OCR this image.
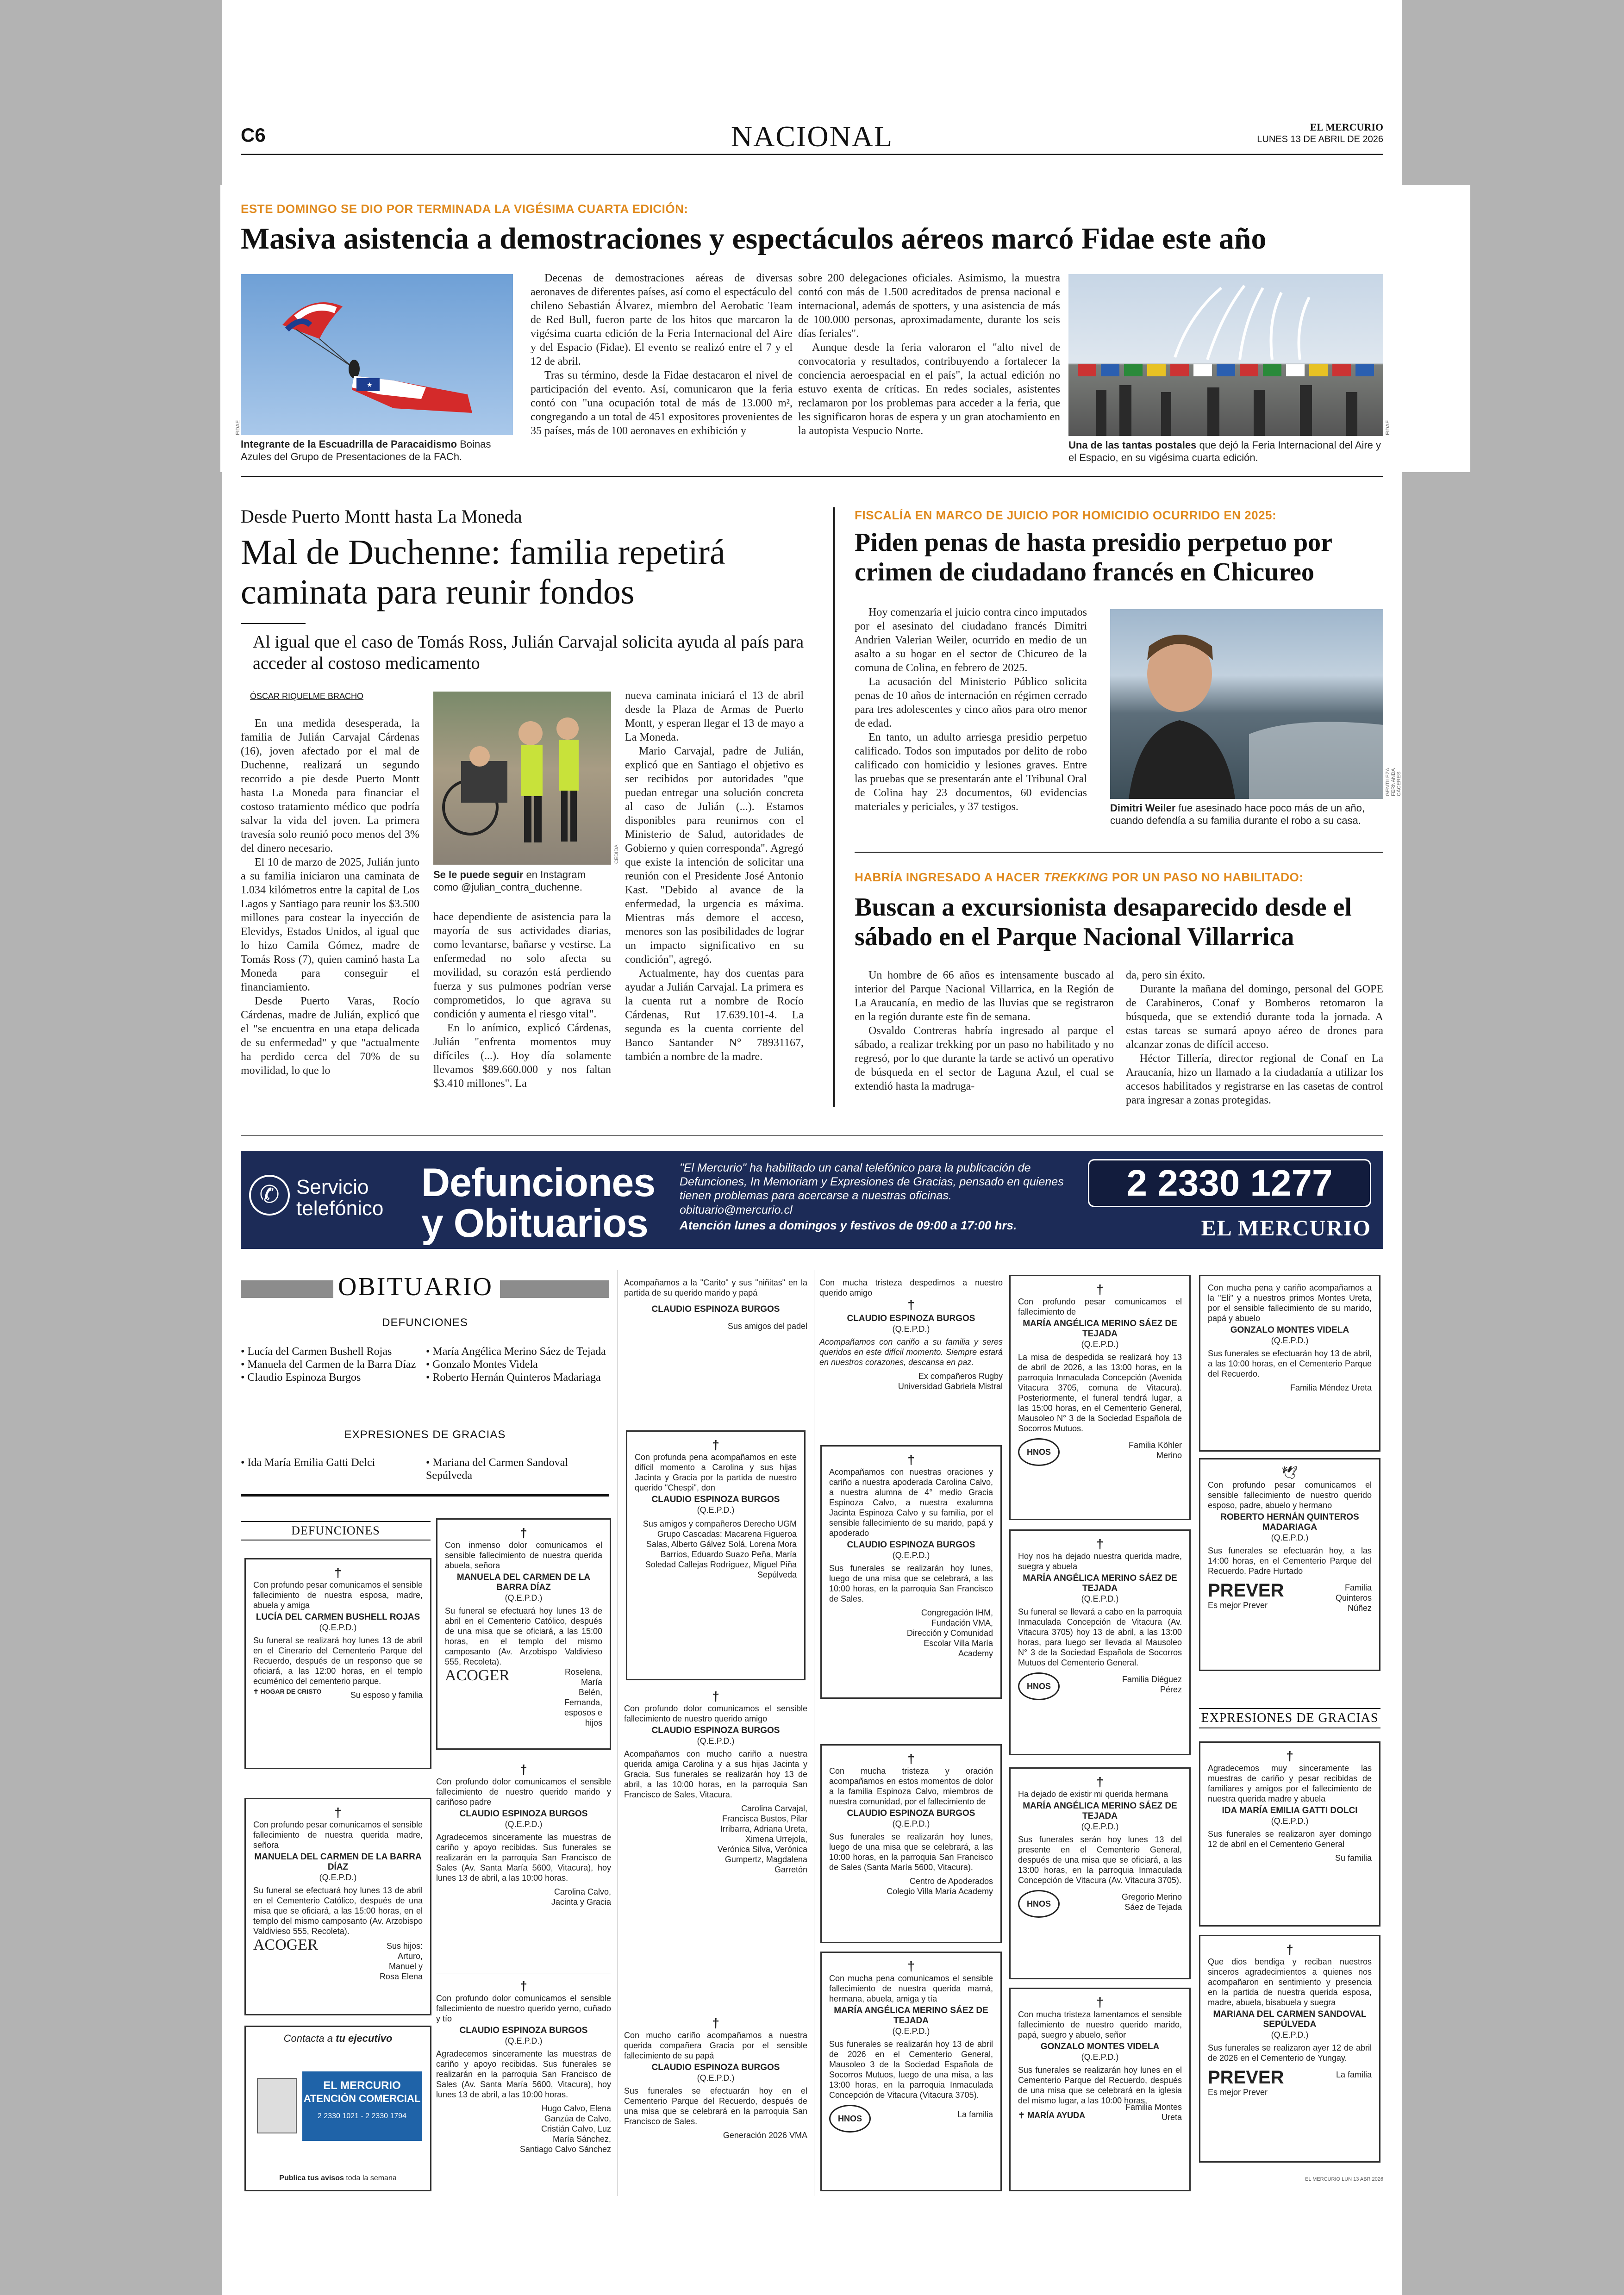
C6	NACIONAL	EL MERCURIO
LUNES 13 DE ABRIL DE 2026
ESTE DOMINGO SE DIO POR TERMINADA LA VIGÉSIMA CUARTA EDICIÓN:
Masiva asistencia a demostraciones y espectáculos aéreos marcó Fidae este año
★
FIDAE
Integrante de la Escuadrilla de Paracaidismo Boinas Azules del Grupo de Presentaciones de la FACh.

Decenas de demostraciones aéreas de diversas aeronaves de diferentes países, así como el espectáculo del chileno Sebastián Álvarez, miembro del Aerobatic Team de Red Bull, fueron parte de los hitos que marcaron la vigésima cuarta edición de la Feria Internacional del Aire y del Espacio (Fidae). El evento se realizó entre el 7 y el 12 de abril.

Tras su término, desde la Fidae destacaron el nivel de participación del evento. Así, comunicaron que la feria contó con "una ocupación total de más de 13.000 m², congregando a un total de 451 expositores provenientes de 35 países, más de 100 aeronaves en exhibición y

sobre 200 delegaciones oficiales. Asimismo, la muestra contó con más de 1.500 acreditados de prensa nacional e internacional, además de spotters, y una asistencia de más de 100.000 personas, aproximadamente, durante los seis días feriales".

Aunque desde la feria valoraron el "alto nivel de convocatoria y resultados, contribuyendo a fortalecer la conciencia aeroespacial en el país", la actual edición no estuvo exenta de críticas. En redes sociales, asistentes reclamaron por los problemas para acceder a la feria, que les significaron horas de espera y un gran atochamiento en la autopista Vespucio Norte.	FIDAE
Una de las tantas postales que dejó la Feria Internacional del Aire y el Espacio, en su vigésima cuarta edición.
Desde Puerto Montt hasta La Moneda
Mal de Duchenne: familia repetirá caminata para reunir fondos
Al igual que el caso de Tomás Ross, Julián Carvajal solicita ayuda al país para acceder al costoso medicamento
ÓSCAR RIQUELME BRACHO

En una medida desesperada, la familia de Julián Carvajal Cárdenas (16), joven afectado por el mal de Duchenne, realizará un segundo recorrido a pie desde Puerto Montt hasta La Moneda para financiar el costoso tratamiento médico que podría salvar la vida del joven. La primera travesía solo reunió poco menos del 3% del dinero necesario.

El 10 de marzo de 2025, Julián junto a su familia iniciaron una caminata de 1.034 kilómetros entre la capital de Los Lagos y Santiago para reunir los $3.500 millones para costear la inyección de Elevidys, Estados Unidos, al igual que lo hizo Camila Gómez, madre de Tomás Ross (7), quien caminó hasta La Moneda para conseguir el financiamiento.

Desde Puerto Varas, Rocío Cárdenas, madre de Julián, explicó que el "se encuentra en una etapa delicada de su enfermedad" y que "actualmente ha perdido cerca del 70% de su movilidad, lo que lo

CEDIDA
Se le puede seguir en Instagram como @julian_contra_duchenne.

hace dependiente de asistencia para la mayoría de sus actividades diarias, como levantarse, bañarse y vestirse. La enfermedad no solo afecta su movilidad, su corazón está perdiendo fuerza y sus pulmones podrían verse comprometidos, lo que agrava su condición y aumenta el riesgo vital".

En lo anímico, explicó Cárdenas, Julián "enfrenta momentos muy difíciles (...). Hoy día solamente llevamos $89.660.000 y nos faltan $3.410 millones". La

nueva caminata iniciará el 13 de abril desde la Plaza de Armas de Puerto Montt, y esperan llegar el 13 de mayo a La Moneda.

Mario Carvajal, padre de Julián, explicó que en Santiago el objetivo es ser recibidos por autoridades "que puedan entregar una solución concreta al caso de Julián (...). Estamos disponibles para reunirnos con el Ministerio de Salud, autoridades de Gobierno y quien corresponda". Agregó que existe la intención de solicitar una reunión con el Presidente José Antonio Kast. "Debido al avance de la enfermedad, la urgencia es máxima. Mientras más demore el acceso, menores son las posibilidades de lograr un impacto significativo en su condición", agregó.

Actualmente, hay dos cuentas para ayudar a Julián Carvajal. La primera es la cuenta rut a nombre de Rocío Cárdenas, Rut 17.639.101-4. La segunda es la cuenta corriente del Banco Santander N° 78931167, también a nombre de la madre.

FISCALÍA EN MARCO DE JUICIO POR HOMICIDIO OCURRIDO EN 2025:
Piden penas de hasta presidio perpetuo por crimen de ciudadano francés en Chicureo

Hoy comenzaría el juicio contra cinco imputados por el asesinato del ciudadano francés Dimitri Andrien Valerian Weiler, ocurrido en medio de un asalto a su hogar en el sector de Chicureo de la comuna de Colina, en febrero de 2025.

La acusación del Ministerio Público solicita penas de 10 años de internación en régimen cerrado para tres adolescentes y cinco años para otro menor de edad.

En tanto, un adulto arriesga presidio perpetuo calificado. Todos son imputados por delito de robo calificado con homicidio y lesiones graves. Entre las pruebas que se presentarán ante el Tribunal Oral de Colina hay 23 documentos, 60 evidencias materiales y periciales, y 37 testigos.

GENTILEZA FERNANDA CÁCERES
Dimitri Weiler fue asesinado hace poco más de un año, cuando defendía a su familia durante el robo a su casa.
HABRÍA INGRESADO A HACER TREKKING POR UN PASO NO HABILITADO:
Buscan a excursionista desaparecido desde el sábado en el Parque Nacional Villarrica

Un hombre de 66 años es intensamente buscado al interior del Parque Nacional Villarrica, en la Región de La Araucanía, en medio de las lluvias que se registraron en la región durante este fin de semana.

Osvaldo Contreras habría ingresado al parque el sábado, a realizar trekking por un paso no habilitado y no regresó, por lo que durante la tarde se activó un operativo de búsqueda en el sector de Laguna Azul, el cual se extendió hasta la madruga-

da, pero sin éxito.

Durante la mañana del domingo, personal del GOPE de Carabineros, Conaf y Bomberos retomaron la búsqueda, que se extendió durante toda la jornada. A estas tareas se sumará apoyo aéreo de drones para alcanzar zonas de difícil acceso.

Héctor Tillería, director regional de Conaf en La Araucanía, hizo un llamado a la ciudadanía a utilizar los accesos habilitados y registrarse en las casetas de control para ingresar a zonas protegidas.

✆ Servicio
telefónico
Defunciones
y Obituarios
"El Mercurio" ha habilitado un canal telefónico para la publicación de Defunciones, In Memoriam y Expresiones de Gracias, pensado en quienes tienen problemas para acercarse a nuestras oficinas.
obituario@mercurio.cl
Atención lunes a domingos y festivos de 09:00 a 17:00 hrs.
2 2330 1277
EL MERCURIO
OBITUARIO
DEFUNCIONES
• Lucía del Carmen Bushell Rojas
• Manuela del Carmen de la Barra Díaz
• Claudio Espinoza Burgos
• María Angélica Merino Sáez de Tejada
• Gonzalo Montes Videla
• Roberto Hernán Quinteros Madariaga
EXPRESIONES DE GRACIAS
• Ida María Emilia Gatti Delci	• Mariana del Carmen Sandoval Sepúlveda
DEFUNCIONES
†
Con profundo pesar comunicamos el sensible fallecimiento de nuestra esposa, madre, abuela y amiga
LUCÍA DEL CARMEN BUSHELL ROJAS
(Q.E.P.D.)
Su funeral se realizará hoy lunes 13 de abril en el Cinerario del Cementerio Parque del Recuerdo, después de un responso que se oficiará, a las 12:00 horas, en el templo ecuménico del cementerio parque.
Su esposo y familia
✝ HOGAR DE CRISTO
†
Con profundo pesar comunicamos el sensible fallecimiento de nuestra querida madre, señora
MANUELA DEL CARMEN DE LA BARRA DÍAZ
(Q.E.P.D.)
Su funeral se efectuará hoy lunes 13 de abril en el Cementerio Católico, después de una misa que se oficiará, a las 15:00 horas, en el templo del mismo camposanto (Av. Arzobispo Valdivieso 555, Recoleta).
ACOGER	Sus hijos: Arturo, Manuel y Rosa Elena
Contacta a tu ejecutivo
EL MERCURIO
ATENCIÓN COMERCIAL
2 2330 1021 - 2 2330 1794
Publica tus avisos toda la semana
†
Con inmenso dolor comunicamos el sensible fallecimiento de nuestra querida abuela, señora
MANUELA DEL CARMEN DE LA BARRA DÍAZ
(Q.E.P.D.)
Su funeral se efectuará hoy lunes 13 de abril en el Cementerio Católico, después de una misa que se oficiará, a las 15:00 horas, en el templo del mismo camposanto (Av. Arzobispo Valdivieso 555, Recoleta).
ACOGER	Roselena, María Belén, Fernanda, esposos e hijos
†
Con profundo dolor comunicamos el sensible fallecimiento de nuestro querido marido y cariñoso padre
CLAUDIO ESPINOZA BURGOS
(Q.E.P.D.)
Agradecemos sinceramente las muestras de cariño y apoyo recibidas. Sus funerales se realizarán en la parroquia San Francisco de Sales (Av. Santa María 5600, Vitacura), hoy lunes 13 de abril, a las 10:00 horas.
Carolina Calvo, Jacinta y Gracia
†
Con profundo dolor comunicamos el sensible fallecimiento de nuestro querido yerno, cuñado y tío
CLAUDIO ESPINOZA BURGOS
(Q.E.P.D.)
Agradecemos sinceramente las muestras de cariño y apoyo recibidas. Sus funerales se realizarán en la parroquia San Francisco de Sales (Av. Santa María 5600, Vitacura), hoy lunes 13 de abril, a las 10:00 horas.
Hugo Calvo, Elena Ganzúa de Calvo, Cristián Calvo, Luz María Sánchez, Santiago Calvo Sánchez
Acompañamos a la "Carito" y sus "niñitas" en la partida de su querido marido y papá
CLAUDIO ESPINOZA BURGOS
Sus amigos del padel
†
Con profunda pena acompañamos en este difícil momento a Carolina y sus hijas Jacinta y Gracia por la partida de nuestro querido "Chespi", don
CLAUDIO ESPINOZA BURGOS
(Q.E.P.D.)
Sus amigos y compañeros Derecho UGM Grupo Cascadas: Macarena Figueroa Salas, Alberto Gálvez Solá, Lorena Mora Barrios, Eduardo Suazo Peña, María Soledad Callejas Rodríguez, Miguel Piña Sepúlveda
†
Con profundo dolor comunicamos el sensible fallecimiento de nuestro querido amigo
CLAUDIO ESPINOZA BURGOS
(Q.E.P.D.)
Acompañamos con mucho cariño a nuestra querida amiga Carolina y a sus hijas Jacinta y Gracia. Sus funerales se realizarán hoy 13 de abril, a las 10:00 horas, en la parroquia San Francisco de Sales, Vitacura.
Carolina Carvajal, Francisca Bustos, Pilar Irribarra, Adriana Ureta, Ximena Urrejola, Verónica Silva, Verónica Gumpertz, Magdalena Garretón
†
Con mucho cariño acompañamos a nuestra querida compañera Gracia por el sensible fallecimiento de su papá
CLAUDIO ESPINOZA BURGOS
(Q.E.P.D.)
Sus funerales se efectuarán hoy en el Cementerio Parque del Recuerdo, después de una misa que se celebrará en la parroquia San Francisco de Sales.
Generación 2026 VMA
Con mucha tristeza despedimos a nuestro querido amigo
†
CLAUDIO ESPINOZA BURGOS
(Q.E.P.D.)
Acompañamos con cariño a su familia y seres queridos en este difícil momento. Siempre estará en nuestros corazones, descansa en paz.
Ex compañeros Rugby Universidad Gabriela Mistral
†
Acompañamos con nuestras oraciones y cariño a nuestra apoderada Carolina Calvo, a nuestra alumna de 4° medio Gracia Espinoza Calvo, a nuestra exalumna Jacinta Espinoza Calvo y su familia, por el sensible fallecimiento de su marido, papá y apoderado
CLAUDIO ESPINOZA BURGOS
(Q.E.P.D.)
Sus funerales se realizarán hoy lunes, luego de una misa que se celebrará, a las 10:00 horas, en la parroquia San Francisco de Sales.
Congregación IHM, Fundación VMA, Dirección y Comunidad Escolar Villa María Academy
†
Con mucha tristeza y oración acompañamos en estos momentos de dolor a la familia Espinoza Calvo, miembros de nuestra comunidad, por el fallecimiento de
CLAUDIO ESPINOZA BURGOS
(Q.E.P.D.)
Sus funerales se realizarán hoy lunes, luego de una misa que se celebrará, a las 10:00 horas, en la parroquia San Francisco de Sales (Santa María 5600, Vitacura).
Centro de Apoderados Colegio Villa María Academy
†
Con mucha pena comunicamos el sensible fallecimiento de nuestra querida mamá, hermana, abuela, amiga y tía
MARÍA ANGÉLICA MERINO SÁEZ DE TEJADA
(Q.E.P.D.)
Sus funerales se realizarán hoy 13 de abril de 2026 en el Cementerio General, Mausoleo 3 de la Sociedad Española de Socorros Mutuos, luego de una misa, a las 13:00 horas, en la parroquia Inmaculada Concepción de Vitacura (Vitacura 3705).
HNOS	La familia
†
Con profundo pesar comunicamos el fallecimiento de
MARÍA ANGÉLICA MERINO SÁEZ DE TEJADA
(Q.E.P.D.)
La misa de despedida se realizará hoy 13 de abril de 2026, a las 13:00 horas, en la parroquia Inmaculada Concepción (Avenida Vitacura 3705, comuna de Vitacura). Posteriormente, el funeral tendrá lugar, a las 15:00 horas, en el Cementerio General, Mausoleo N° 3 de la Sociedad Española de Socorros Mutuos.
HNOS
Familia Köhler Merino
†
Hoy nos ha dejado nuestra querida madre, suegra y abuela
MARÍA ANGÉLICA MERINO SÁEZ DE TEJADA
(Q.E.P.D.)
Su funeral se llevará a cabo en la parroquia Inmaculada Concepción de Vitacura (Av. Vitacura 3705) hoy 13 de abril, a las 13:00 horas, para luego ser llevada al Mausoleo N° 3 de la Sociedad Española de Socorros Mutuos del Cementerio General.
HNOS
Familia Diéguez Pérez
†
Ha dejado de existir mi querida hermana
MARÍA ANGÉLICA MERINO SÁEZ DE TEJADA
(Q.E.P.D.)
Sus funerales serán hoy lunes 13 del presente en el Cementerio General, después de una misa que se oficiará, a las 13:00 horas, en la parroquia Inmaculada Concepción de Vitacura (Av. Vitacura 3705).
HNOS
Gregorio Merino Sáez de Tejada
†
Con mucha tristeza lamentamos el sensible fallecimiento de nuestro querido marido, papá, suegro y abuelo, señor
GONZALO MONTES VIDELA
(Q.E.P.D.)
Sus funerales se realizarán hoy lunes en el Cementerio Parque del Recuerdo, después de una misa que se celebrará en la iglesia del mismo lugar, a las 10:00 horas.
✝ MARÍA AYUDA
Familia Montes Ureta
Con mucha pena y cariño acompañamos a la "Eli" y a nuestros primos Montes Ureta, por el sensible fallecimiento de su marido, papá y abuelo
GONZALO MONTES VIDELA
(Q.E.P.D.)
Sus funerales se efectuarán hoy 13 de abril, a las 10:00 horas, en el Cementerio Parque del Recuerdo.
Familia Méndez Ureta
🕊
Con profundo pesar comunicamos el sensible fallecimiento de nuestro querido esposo, padre, abuelo y hermano
ROBERTO HERNÁN QUINTEROS MADARIAGA
(Q.E.P.D.)
Sus funerales se efectuarán hoy, a las 14:00 horas, en el Cementerio Parque del Recuerdo. Padre Hurtado
PREVER
Es mejor Prever
Familia Quinteros Núñez
EXPRESIONES DE GRACIAS
†
Agradecemos muy sinceramente las muestras de cariño y pesar recibidas de familiares y amigos por el fallecimiento de nuestra querida madre y abuela
IDA MARÍA EMILIA GATTI DOLCI
(Q.E.P.D.)
Sus funerales se realizaron ayer domingo 12 de abril en el Cementerio General
Su familia
†
Que dios bendiga y reciban nuestros sinceros agradecimientos a quienes nos acompañaron en sentimiento y presencia en la partida de nuestra querida esposa, madre, abuela, bisabuela y suegra
MARIANA DEL CARMEN SANDOVAL SEPÚLVEDA
(Q.E.P.D.)
Sus funerales se realizaron ayer 12 de abril de 2026 en el Cementerio de Yungay.
PREVER
Es mejor Prever
La familia
EL MERCURIO LUN 13 ABR 2026
